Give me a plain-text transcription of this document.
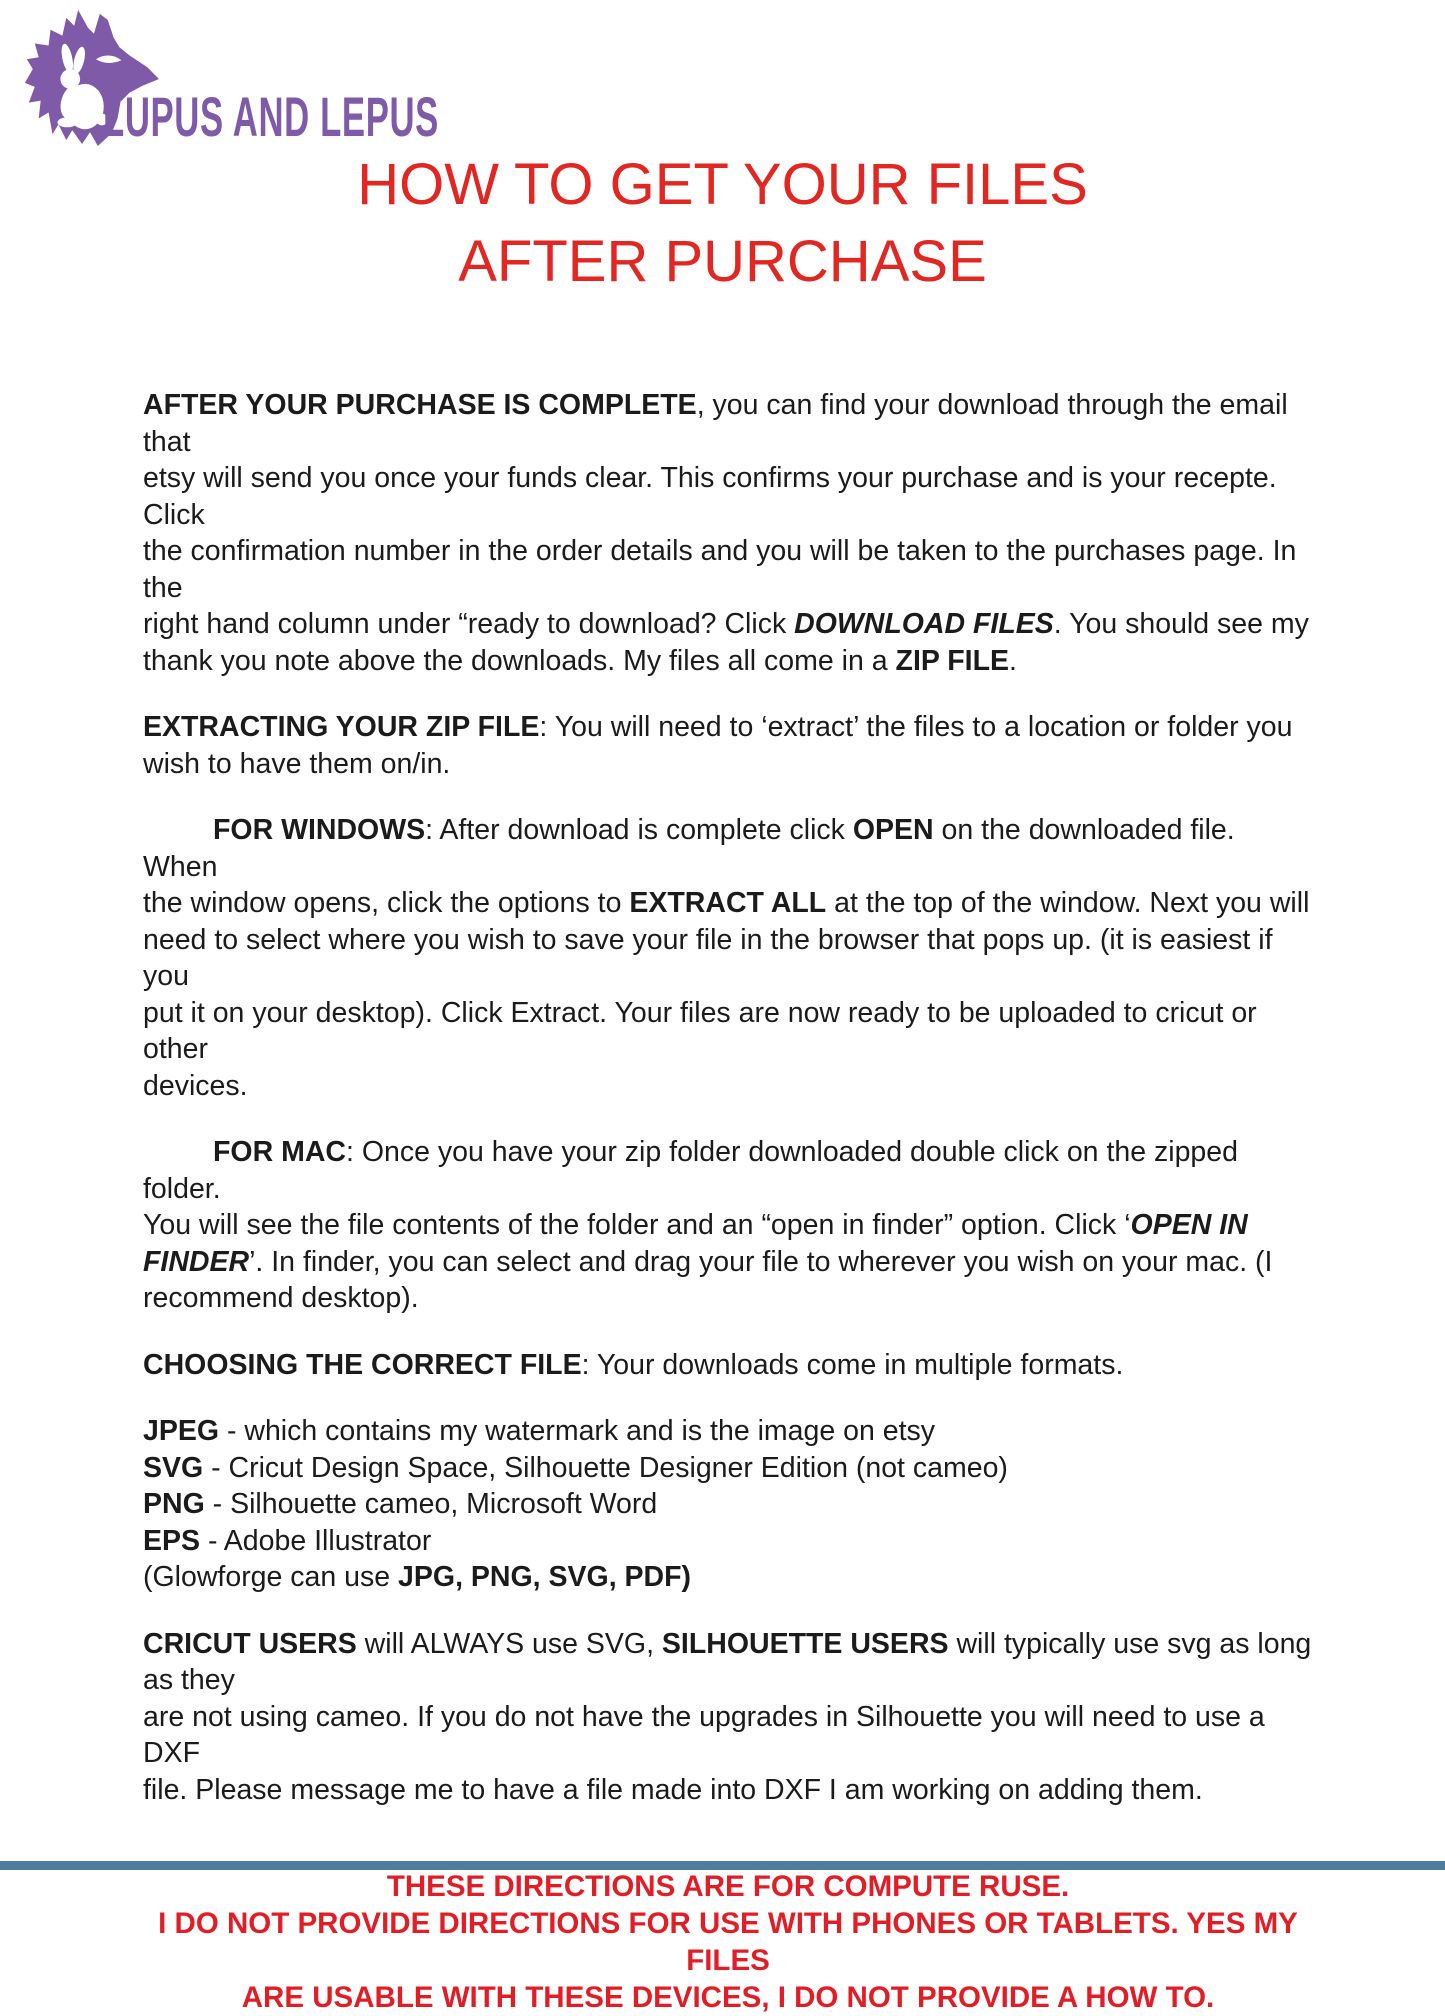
LUPUS AND LEPUS
HOW TO GET YOUR FILES
AFTER PURCHASE

AFTER YOUR PURCHASE IS COMPLETE, you can find your download through the email that
etsy will send you once your funds clear. This confirms your purchase and is your recepte. Click
the confirmation number in the order details and you will be taken to the purchases page. In the
right hand column under “ready to download? Click DOWNLOAD FILES. You should see my
thank you note above the downloads. My files all come in a ZIP FILE.

EXTRACTING YOUR ZIP FILE: You will need to ‘extract’ the files to a location or folder you
wish to have them on/in.

FOR WINDOWS: After download is complete click OPEN on the downloaded file. When
the window opens, click the options to EXTRACT ALL at the top of the window. Next you will
need to select where you wish to save your file in the browser that pops up. (it is easiest if you
put it on your desktop). Click Extract. Your files are now ready to be uploaded to cricut or other
devices.

FOR MAC: Once you have your zip folder downloaded double click on the zipped folder.
You will see the file contents of the folder and an “open in finder” option. Click ‘OPEN IN
FINDER’. In finder, you can select and drag your file to wherever you wish on your mac. (I
recommend desktop).

CHOOSING THE CORRECT FILE: Your downloads come in multiple formats.

JPEG - which contains my watermark and is the image on etsy
SVG - Cricut Design Space, Silhouette Designer Edition (not cameo)
PNG - Silhouette cameo, Microsoft Word
EPS - Adobe Illustrator
(Glowforge can use JPG, PNG, SVG, PDF)

CRICUT USERS will ALWAYS use SVG, SILHOUETTE USERS will typically use svg as long as they
are not using cameo. If you do not have the upgrades in Silhouette you will need to use a DXF
file. Please message me to have a file made into DXF I am working on adding them.

THESE DIRECTIONS ARE FOR COMPUTE RUSE.
I DO NOT PROVIDE DIRECTIONS FOR USE WITH PHONES OR TABLETS. YES MY FILES
ARE USABLE WITH THESE DEVICES, I DO NOT PROVIDE A HOW TO.
